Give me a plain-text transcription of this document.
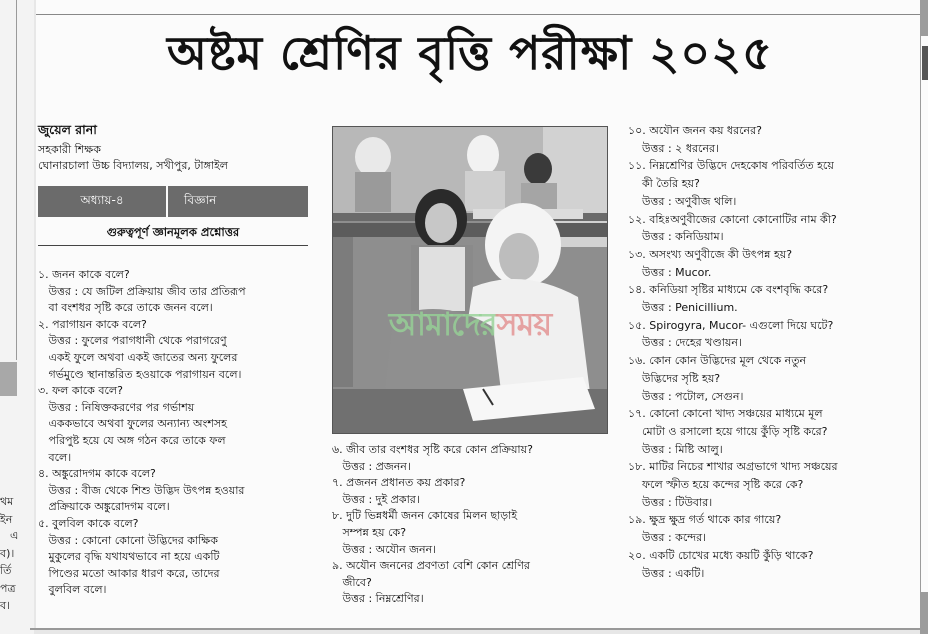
থম
ইন
এ
ব)।
র্তি
পত্র
ব।
অষ্টম শ্রেণির বৃত্তি পরীক্ষা ২০২৫
জুয়েল রানা
সহকারী শিক্ষক
ঘোনারচালা উচ্চ বিদ্যালয়, সখীপুর, টাঙ্গাইল
অধ্যায়-৪	বিজ্ঞান
গুরুত্বপূর্ণ জ্ঞানমূলক প্রশ্নোত্তর

১. জনন কাকে বলে?

উত্তর : যে জটিল প্রক্রিয়ায় জীব তার প্রতিরূপ

বা বংশধর সৃষ্টি করে তাকে জনন বলে।

২. পরাগায়ন কাকে বলে?

উত্তর : ফুলের পরাগধানী থেকে পরাগরেণু

একই ফুলে অথবা একই জাতের অন্য ফুলের

গর্ভমুণ্ডে স্থানান্তরিত হওয়াকে পরাগায়ন বলে।

৩. ফল কাকে বলে?

উত্তর : নিষিক্তকরণের পর গর্ভাশয়

এককভাবে অথবা ফুলের অন্যান্য অংশসহ

পরিপুষ্ট হয়ে যে অঙ্গ গঠন করে তাকে ফল

বলে।

৪. অঙ্কুরোদগম কাকে বলে?

উত্তর : বীজ থেকে শিশু উদ্ভিদ উৎপন্ন হওয়ার

প্রক্রিয়াকে অঙ্কুরোদগম বলে।

৫. বুলবিল কাকে বলে?

উত্তর : কোনো কোনো উদ্ভিদের কাক্ষিক

মুকুলের বৃদ্ধি যথাযথভাবে না হয়ে একটি

পিণ্ডের মতো আকার ধারণ করে, তাদের

বুলবিল বলে।

আমাদেরসময়

৬. জীব তার বংশধর সৃষ্টি করে কোন প্রক্রিয়ায়?

উত্তর : প্রজনন।

৭. প্রজনন প্রধানত কয় প্রকার?

উত্তর : দুই প্রকার।

৮. দুটি ভিন্নধর্মী জনন কোষের মিলন ছাড়াই

সম্পন্ন হয় কে?

উত্তর : অযৌন জনন।

৯. অযৌন জননের প্রবণতা বেশি কোন শ্রেণির

জীবে?

উত্তর : নিম্নশ্রেণির।

১০. অযৌন জনন কয় ধরনের?

উত্তর : ২ ধরনের।

১১. নিম্নশ্রেণির উদ্ভিদে দেহকোষ পরিবর্তিত হয়ে

কী তৈরি হয়?

উত্তর : অণুবীজ থলি।

১২. বহিঃঅণুবীজের কোনো কোনোটির নাম কী?

উত্তর : কনিডিয়াম।

১৩. অসংখ্য অণুবীজে কী উৎপন্ন হয়?

উত্তর : Mucor.

১৪. কনিডিয়া সৃষ্টির মাধ্যমে কে বংশবৃদ্ধি করে?

উত্তর : Penicillium.

১৫. Spirogyra, Mucor- এগুলো দিয়ে ঘটে?

উত্তর : দেহের খণ্ডায়ন।

১৬. কোন কোন উদ্ভিদের মূল থেকে নতুন

উদ্ভিদের সৃষ্টি হয়?

উত্তর : পটোল, সেগুন।

১৭. কোনো কোনো খাদ্য সঞ্চয়ের মাধ্যমে মূল

মোটা ও রসালো হয়ে গায়ে কুঁড়ি সৃষ্টি করে?

উত্তর : মিষ্টি আলু।

১৮. মাটির নিচের শাখার অগ্রভাগে খাদ্য সঞ্চয়ের

ফলে স্ফীত হয়ে কন্দের সৃষ্টি করে কে?

উত্তর : টিউবার।

১৯. ক্ষুদ্র ক্ষুদ্র গর্ত থাকে কার গায়ে?

উত্তর : কন্দের।

২০. একটি চোখের মধ্যে কয়টি কুঁড়ি থাকে?

উত্তর : একটি।
